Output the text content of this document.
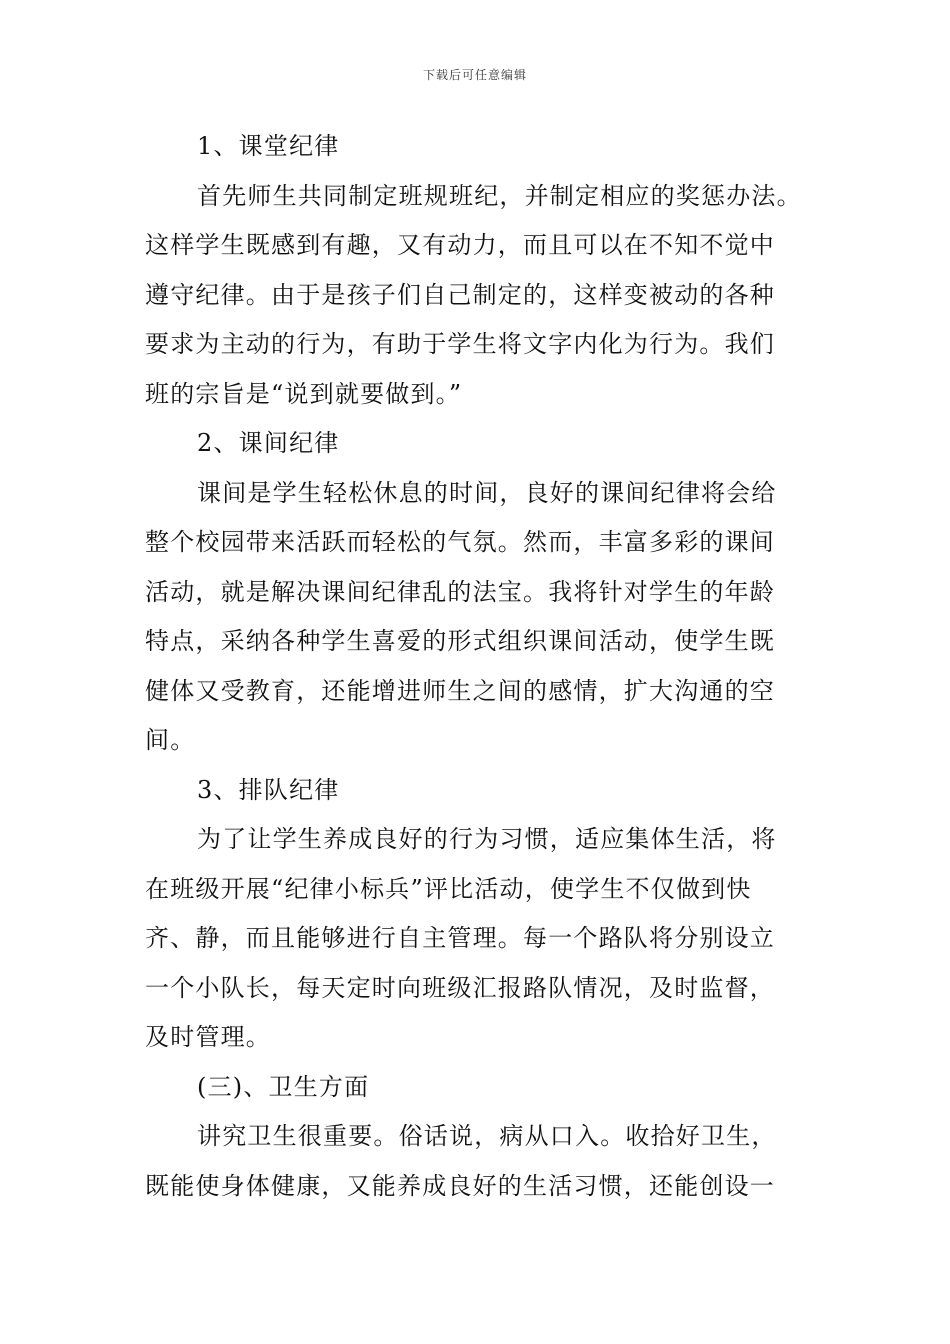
下载后可任意编辑
1、课堂纪律
首先师生共同制定班规班纪，并制定相应的奖惩办法。
这样学生既感到有趣，又有动力，而且可以在不知不觉中
遵守纪律。由于是孩子们自己制定的，这样变被动的各种
要求为主动的行为，有助于学生将文字内化为行为。我们
班的宗旨是“说到就要做到。”
2、课间纪律
课间是学生轻松休息的时间，良好的课间纪律将会给
整个校园带来活跃而轻松的气氛。然而，丰富多彩的课间
活动，就是解决课间纪律乱的法宝。我将针对学生的年龄
特点，采纳各种学生喜爱的形式组织课间活动，使学生既
健体又受教育，还能增进师生之间的感情，扩大沟通的空
间。
3、排队纪律
为了让学生养成良好的行为习惯，适应集体生活，将
在班级开展“纪律小标兵”评比活动，使学生不仅做到快
齐、静，而且能够进行自主管理。每一个路队将分别设立
一个小队长，每天定时向班级汇报路队情况，及时监督，
及时管理。
(三)、卫生方面
讲究卫生很重要。俗话说，病从口入。收拾好卫生，
既能使身体健康，又能养成良好的生活习惯，还能创设一
